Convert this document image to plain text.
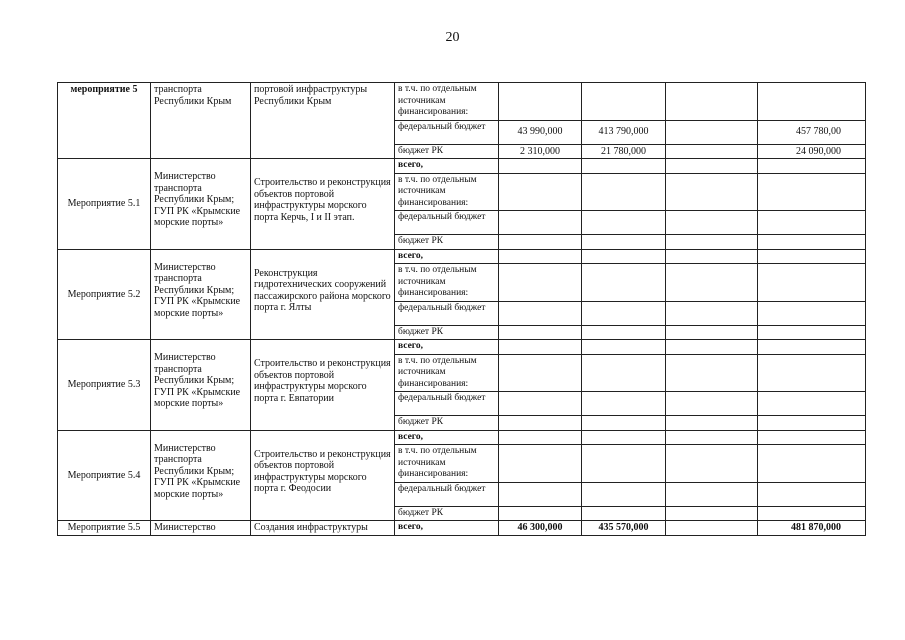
20
мероприятие 5	транспорта Республики Крым	портовой инфраструктуры Республики Крым	в т.ч. по отдельным источникам финансирования:				
			федеральный бюджет	43 990,000	413 790,000		457 780,00
			бюджет РК	2 310,000	21 780,000		24 090,000
Мероприятие 5.1	Министерство транспорта Республики Крым; ГУП РК «Крымские морские порты»	Строительство и реконструкция объектов портовой инфраструктуры морского порта Керчь, I и II этап.	всего,				
			в т.ч. по отдельным источникам финансирования:				
			федеральный бюджет				
			бюджет РК				
Мероприятие 5.2	Министерство транспорта Республики Крым; ГУП РК «Крымские морские порты»	Реконструкция гидротехнических сооружений пассажирского района морского порта г. Ялты	всего,				
			в т.ч. по отдельным источникам финансирования:				
			федеральный бюджет				
			бюджет РК				
Мероприятие 5.3	Министерство транспорта Республики Крым; ГУП РК «Крымские морские порты»	Строительство и реконструкция объектов портовой инфраструктуры морского порта г. Евпатории	всего,				
			в т.ч. по отдельным источникам финансирования:				
			федеральный бюджет				
			бюджет РК				
Мероприятие 5.4	Министерство транспорта Республики Крым; ГУП РК «Крымские морские порты»	Строительство и реконструкция объектов портовой инфраструктуры морского порта г. Феодосии	всего,				
			в т.ч. по отдельным источникам финансирования:				
			федеральный бюджет				
			бюджет РК				
Мероприятие 5.5	Министерство	Создания инфраструктуры	всего,	46 300,000	435 570,000		481 870,000
